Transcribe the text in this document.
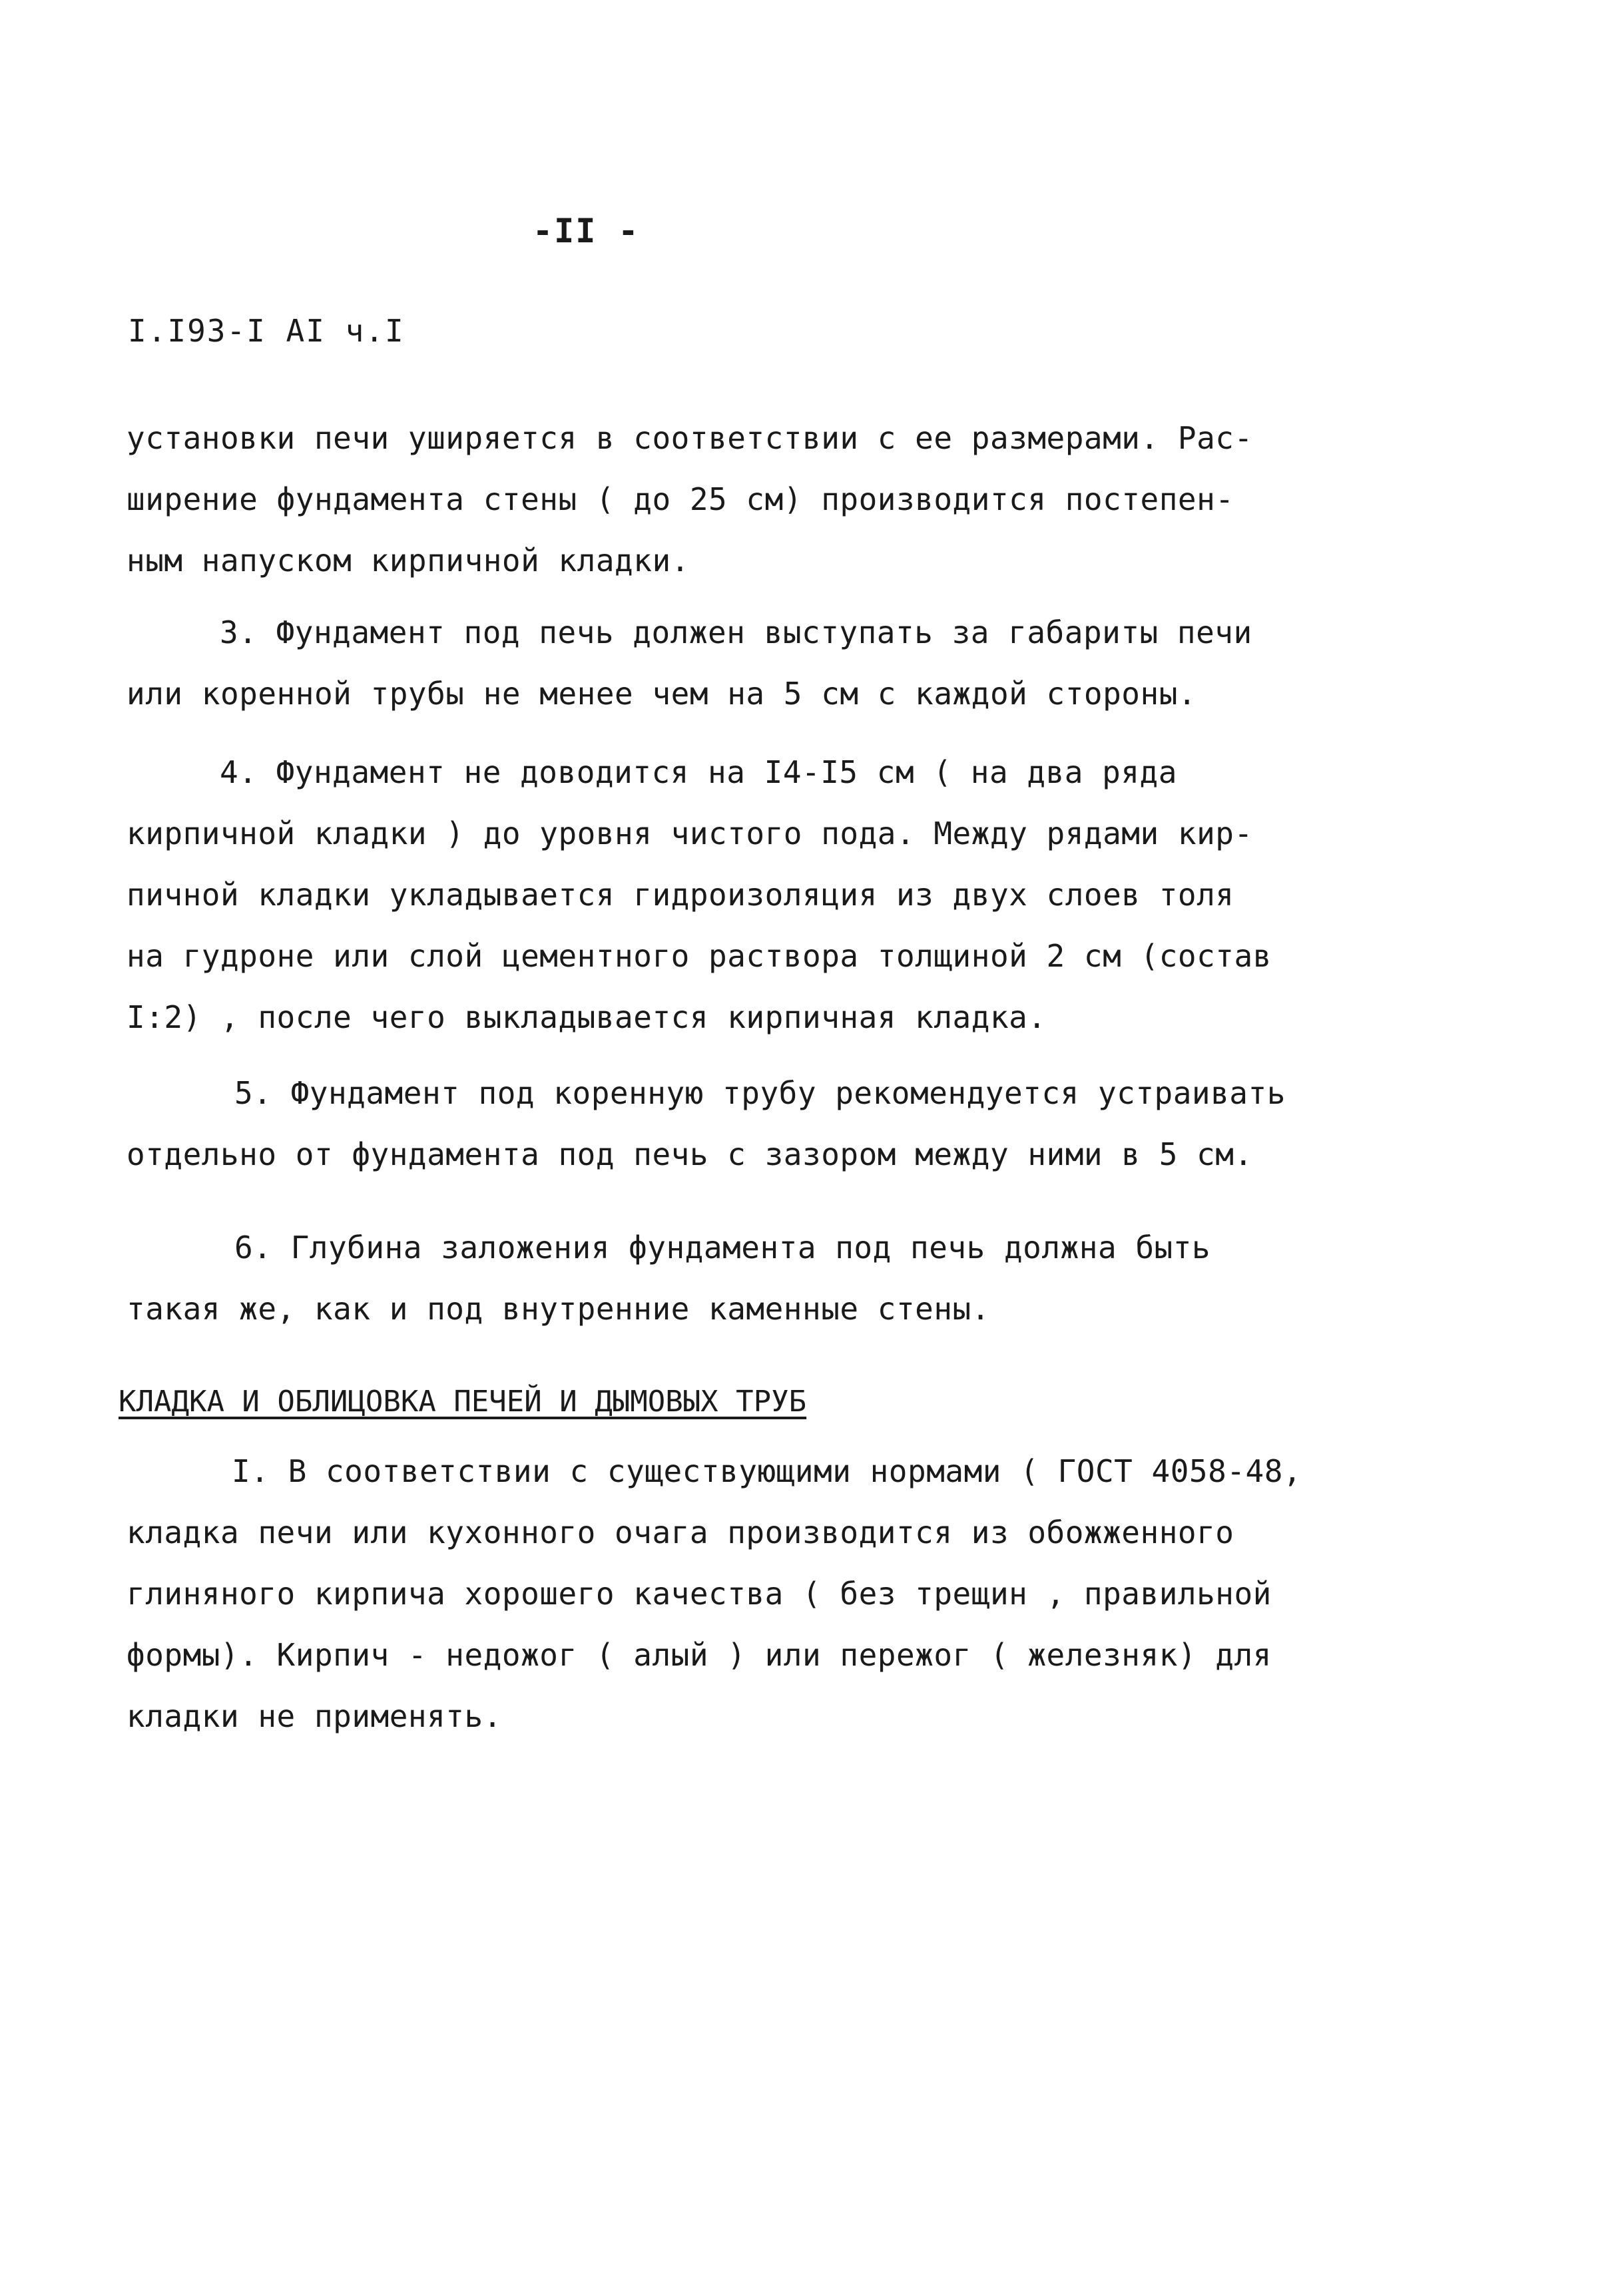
-II -
I.I93-I AI ч.I
установки печи уширяется в соответствии с ее размерами. Рас-
ширение фундамента стены ( до 25 см) производится постепен-
ным напуском кирпичной кладки.
3. Фундамент под печь должен выступать за габариты печи
или коренной трубы не менее чем на 5 см с каждой стороны.
4. Фундамент не доводится на I4-I5 см ( на два ряда
кирпичной кладки ) до уровня чистого пода. Между рядами кир-
пичной кладки укладывается гидроизоляция из двух слоев толя
на гудроне или слой цементного раствора толщиной 2 см (состав
I:2) , после чего выкладывается кирпичная кладка.
5. Фундамент под коренную трубу рекомендуется устраивать
отдельно от фундамента под печь с зазором между ними в 5 см.
6. Глубина заложения фундамента под печь должна быть
такая же, как и под внутренние каменные стены.
КЛАДКА И ОБЛИЦОВКА ПЕЧЕЙ И ДЫМОВЫХ ТРУБ
I. В соответствии с существующими нормами ( ГОСТ 4058-48,
кладка печи или кухонного очага производится из обожженного
глиняного кирпича хорошего качества ( без трещин , правильной
формы). Кирпич - недожог ( алый ) или пережог ( железняк) для
кладки не применять.
